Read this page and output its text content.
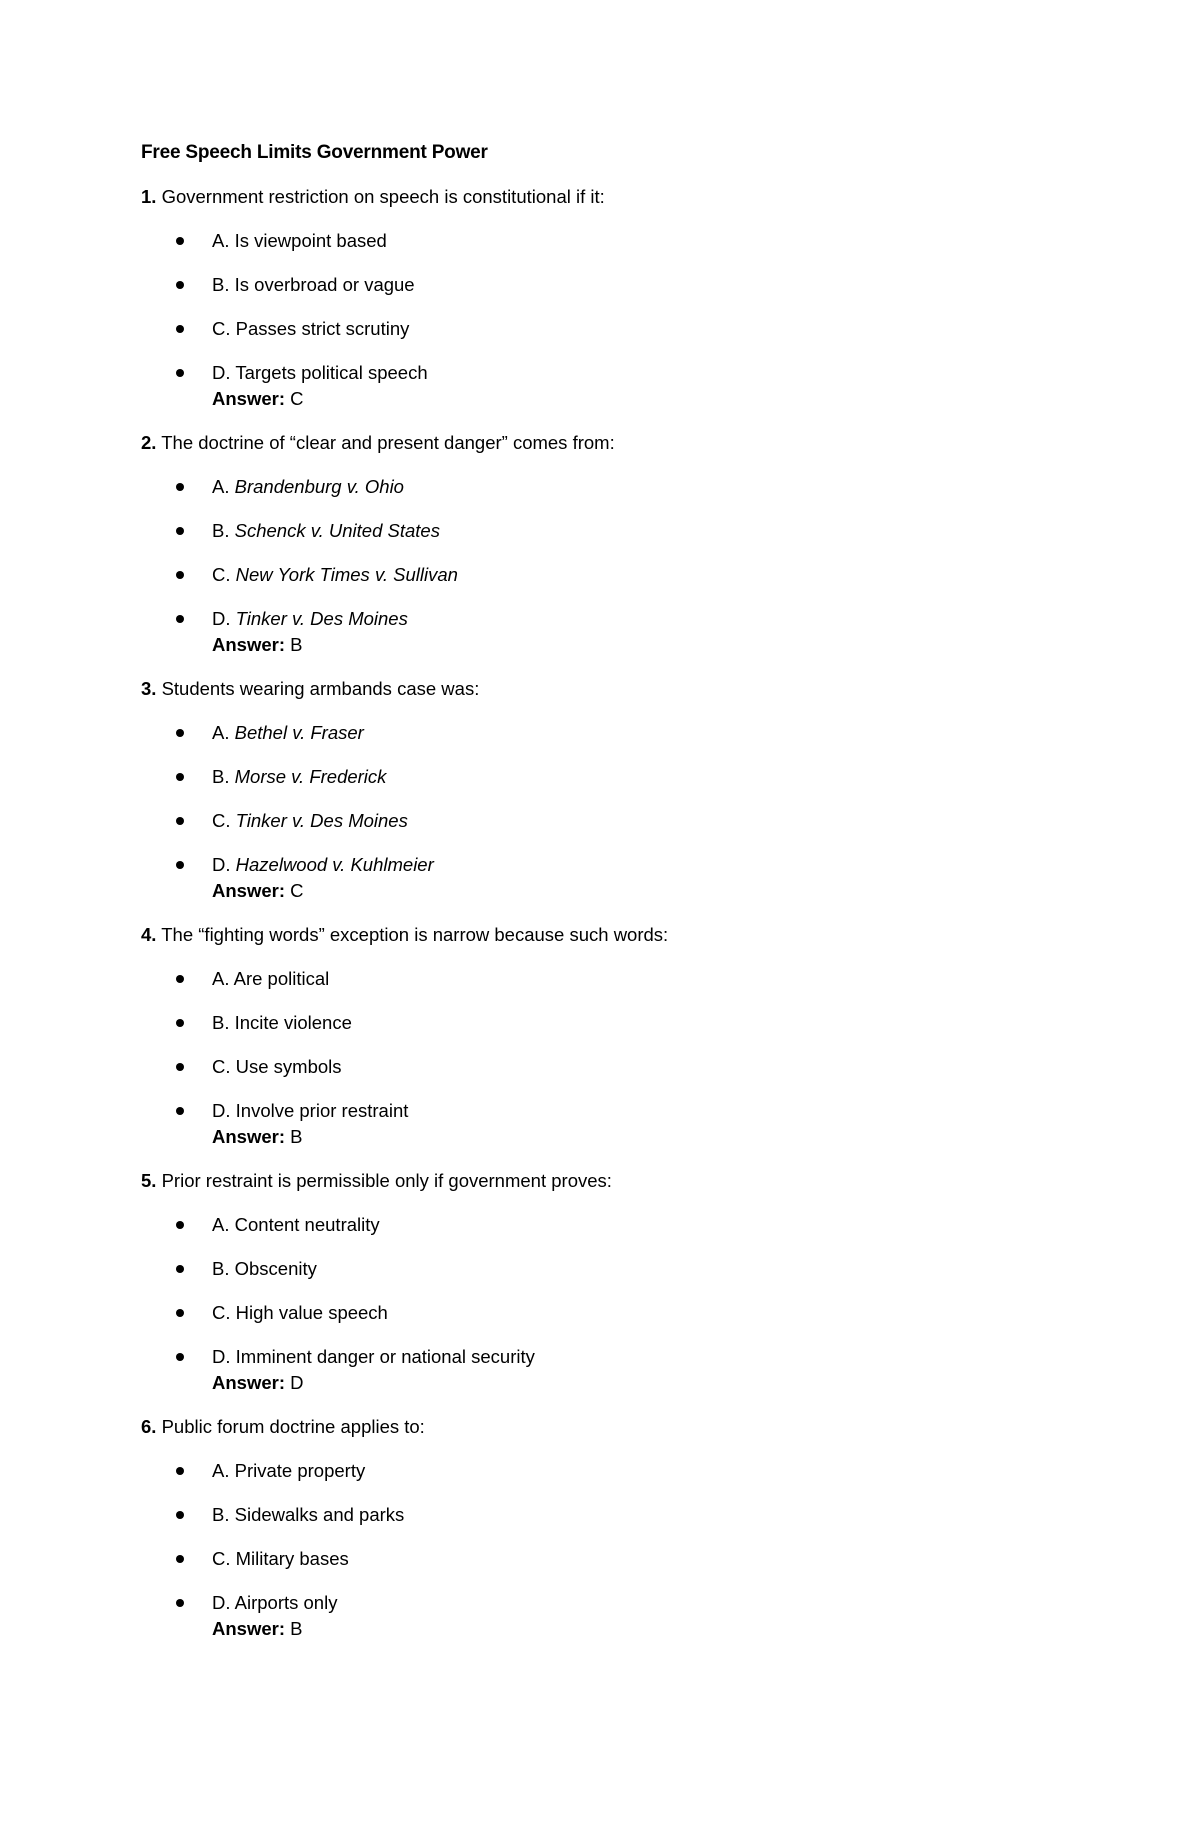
Free Speech Limits Government Power
1. Government restriction on speech is constitutional if it:
A. Is viewpoint based
B. Is overbroad or vague
C. Passes strict scrutiny
D. Targets political speech
Answer: C
2. The doctrine of “clear and present danger” comes from:
A. Brandenburg v. Ohio
B. Schenck v. United States
C. New York Times v. Sullivan
D. Tinker v. Des Moines
Answer: B
3. Students wearing armbands case was:
A. Bethel v. Fraser
B. Morse v. Frederick
C. Tinker v. Des Moines
D. Hazelwood v. Kuhlmeier
Answer: C
4. The “fighting words” exception is narrow because such words:
A. Are political
B. Incite violence
C. Use symbols
D. Involve prior restraint
Answer: B
5. Prior restraint is permissible only if government proves:
A. Content neutrality
B. Obscenity
C. High value speech
D. Imminent danger or national security
Answer: D
6. Public forum doctrine applies to:
A. Private property
B. Sidewalks and parks
C. Military bases
D. Airports only
Answer: B
